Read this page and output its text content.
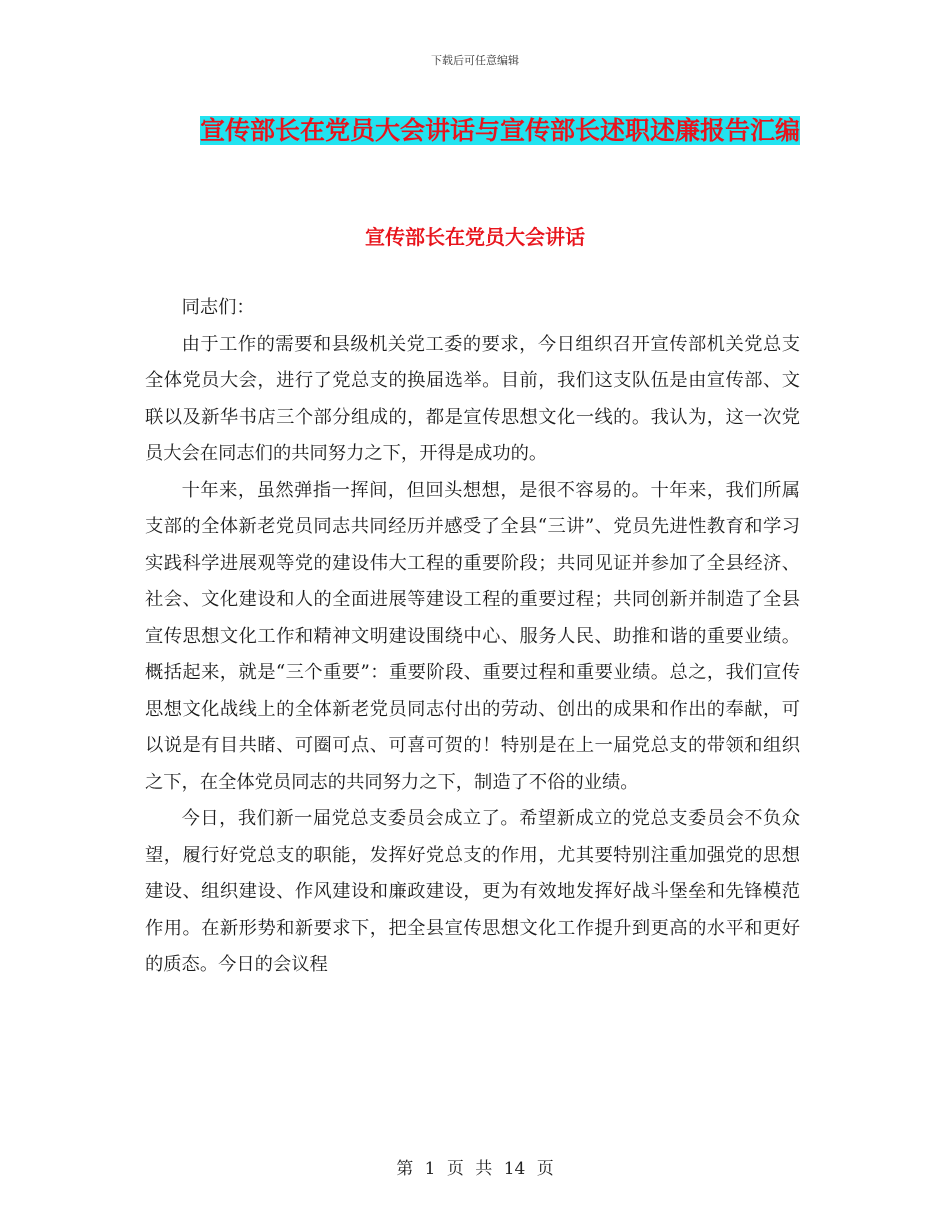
下载后可任意编辑
宣传部长在党员大会讲话与宣传部长述职述廉报告汇编
宣传部长在党员大会讲话

同志们：

由于工作的需要和县级机关党工委的要求，今日组织召开宣传部机关党总支全体党员大会，进行了党总支的换届选举。目前，我们这支队伍是由宣传部、文联以及新华书店三个部分组成的，都是宣传思想文化一线的。我认为，这一次党员大会在同志们的共同努力之下，开得是成功的。

十年来，虽然弹指一挥间，但回头想想，是很不容易的。十年来，我们所属支部的全体新老党员同志共同经历并感受了全县“三讲”、党员先进性教育和学习实践科学进展观等党的建设伟大工程的重要阶段；共同见证并参加了全县经济、社会、文化建设和人的全面进展等建设工程的重要过程；共同创新并制造了全县宣传思想文化工作和精神文明建设围绕中心、服务人民、助推和谐的重要业绩。概括起来，就是“三个重要”：重要阶段、重要过程和重要业绩。总之，我们宣传思想文化战线上的全体新老党员同志付出的劳动、创出的成果和作出的奉献，可以说是有目共睹、可圈可点、可喜可贺的！特别是在上一届党总支的带领和组织之下，在全体党员同志的共同努力之下，制造了不俗的业绩。

今日，我们新一届党总支委员会成立了。希望新成立的党总支委员会不负众望，履行好党总支的职能，发挥好党总支的作用，尤其要特别注重加强党的思想建设、组织建设、作风建设和廉政建设，更为有效地发挥好战斗堡垒和先锋模范作用。在新形势和新要求下，把全县宣传思想文化工作提升到更高的水平和更好的质态。今日的会议程

第 1 页 共 14 页
